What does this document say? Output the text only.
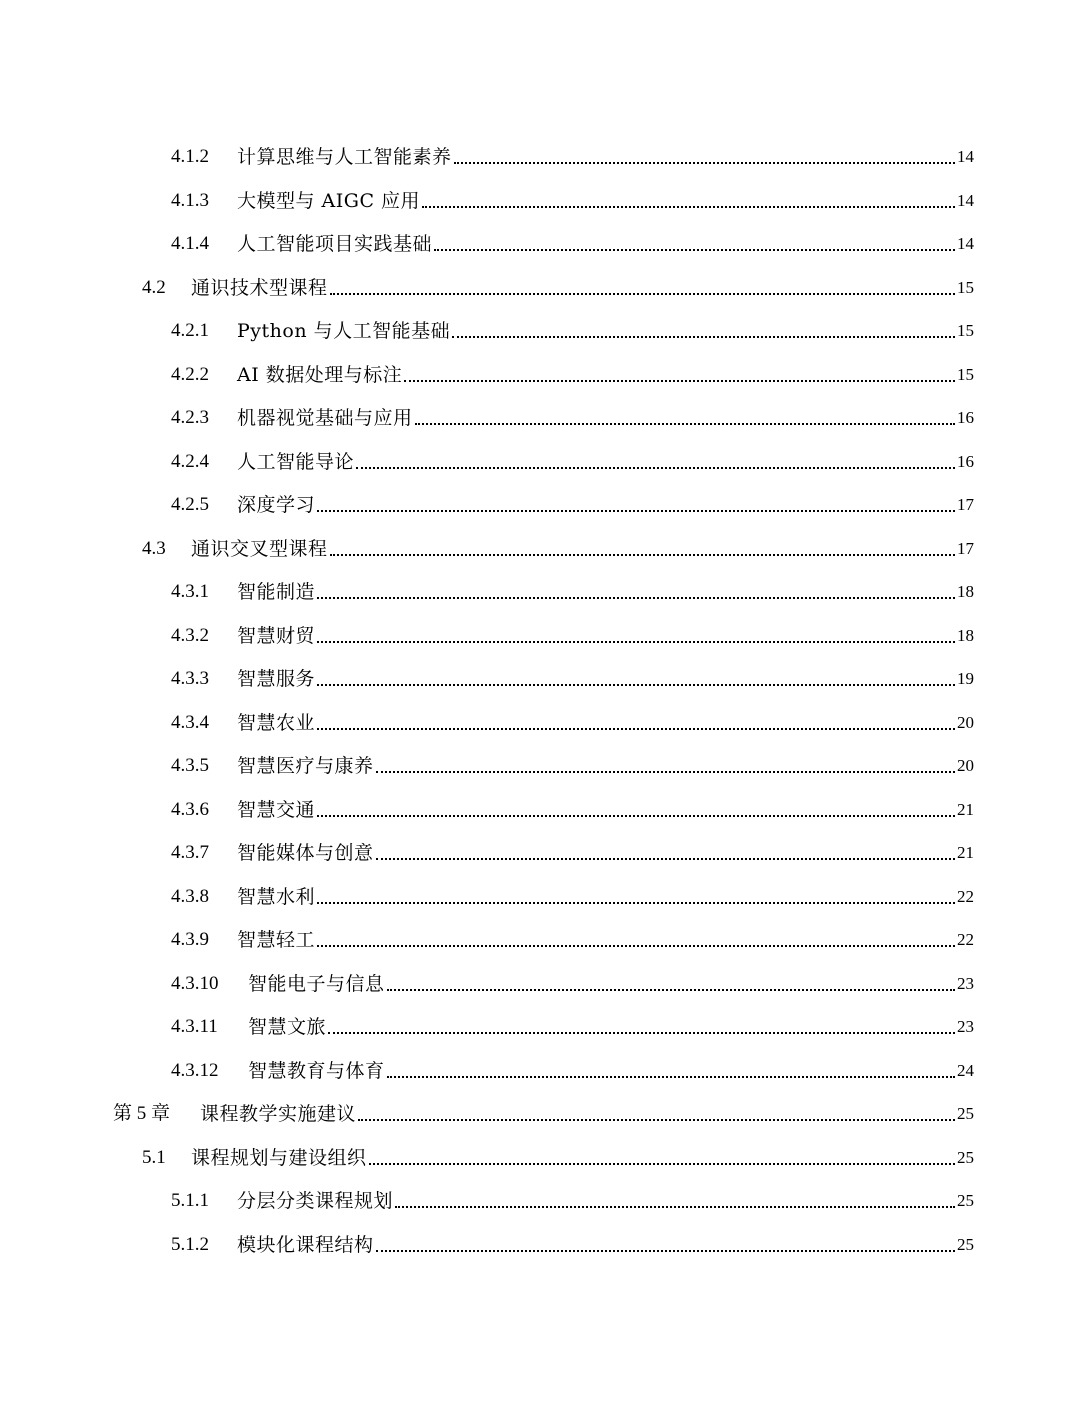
4.1.2	计算思维与人工智能素养	14
4.1.3	大模型与 AIGC 应用	14
4.1.4	人工智能项目实践基础	14
4.2	通识技术型课程	15
4.2.1	Python 与人工智能基础	15
4.2.2	AI 数据处理与标注	15
4.2.3	机器视觉基础与应用	16
4.2.4	人工智能导论	16
4.2.5	深度学习	17
4.3	通识交叉型课程	17
4.3.1	智能制造	18
4.3.2	智慧财贸	18
4.3.3	智慧服务	19
4.3.4	智慧农业	20
4.3.5	智慧医疗与康养	20
4.3.6	智慧交通	21
4.3.7	智能媒体与创意	21
4.3.8	智慧水利	22
4.3.9	智慧轻工	22
4.3.10	智能电子与信息	23
4.3.11	智慧文旅	23
4.3.12	智慧教育与体育	24
第 5 章	课程教学实施建议	25
5.1	课程规划与建设组织	25
5.1.1	分层分类课程规划	25
5.1.2	模块化课程结构	25
